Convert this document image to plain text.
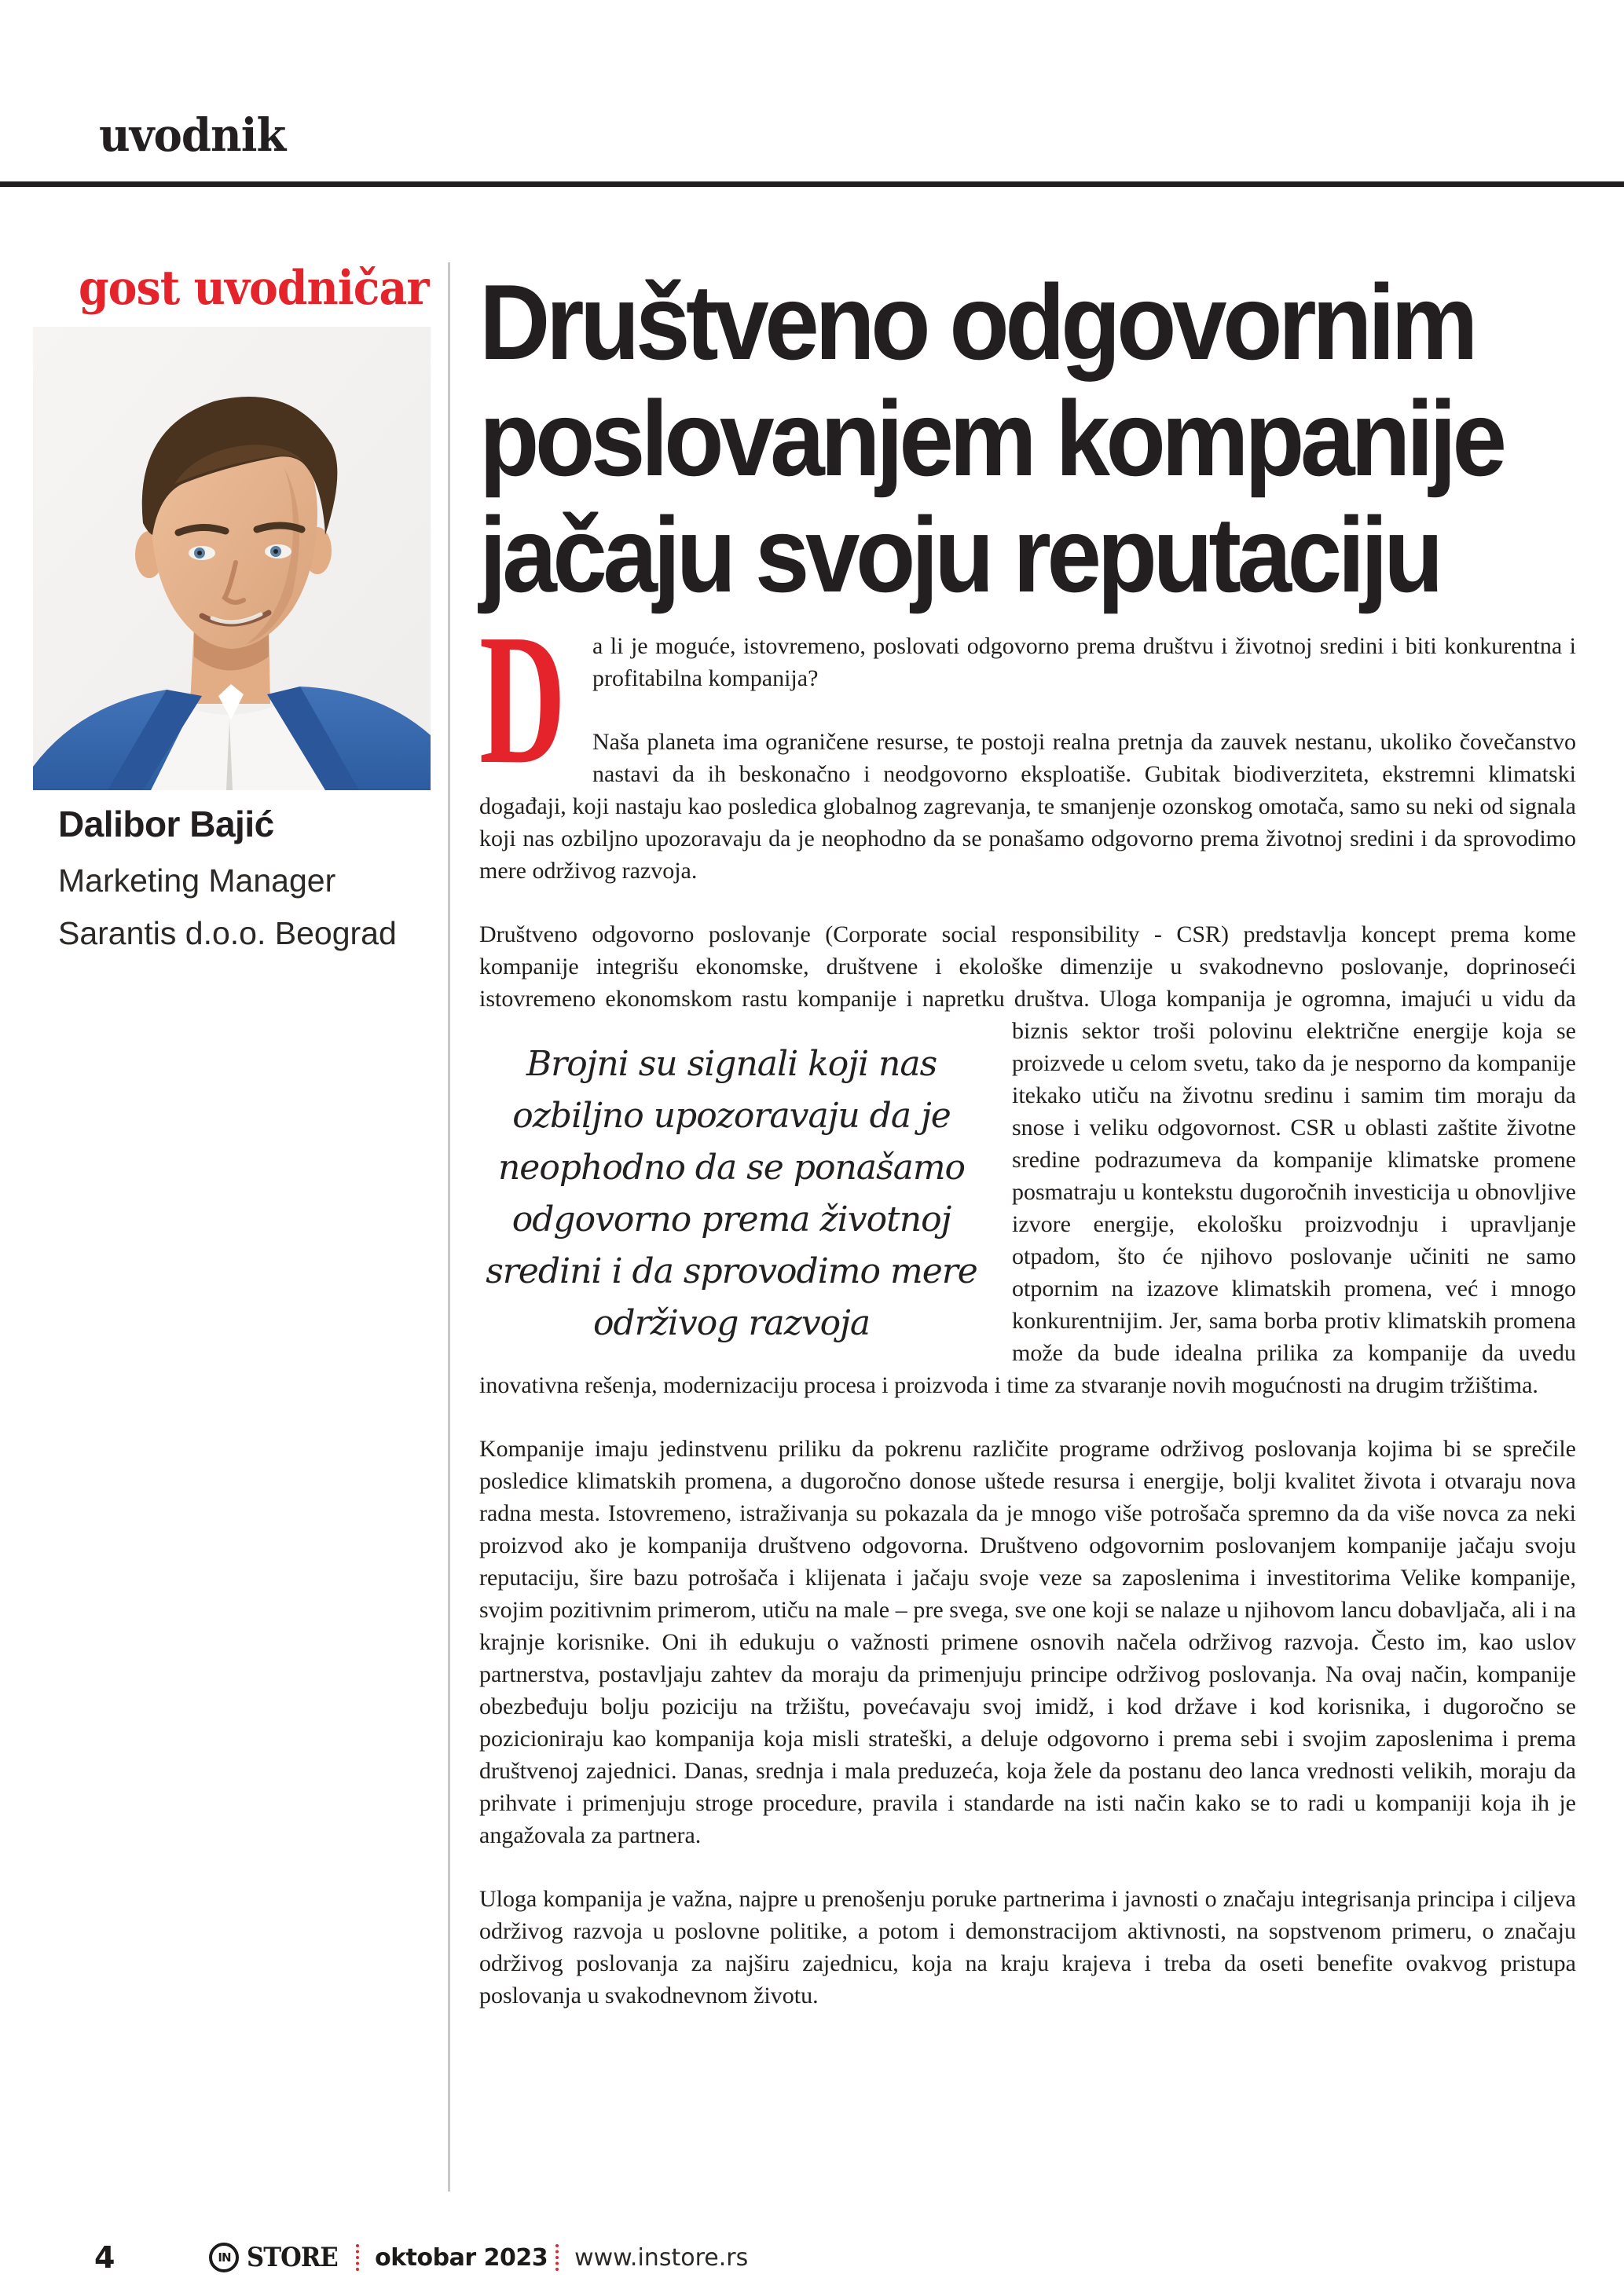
uvodnik
gost uvodničar
Dalibor Bajić
Marketing Manager
Sarantis d.o.o. Beograd
Društveno odgovornim
poslovanjem kompanije
jačaju svoju reputaciju

D a li je moguće, istovremeno, poslovati odgovorno prema društvu i životnoj sredini i biti konkurentna i profitabilna kompanija?

Naša planeta ima ograničene resurse, te postoji realna pretnja da zauvek nestanu, ukoliko čovečanstvo nastavi da ih beskonačno i neodgovorno eksploatiše. Gubitak biodiverziteta, ekstremni klimatski događaji, koji nastaju kao posledica globalnog zagrevanja, te smanjenje ozonskog omotača, samo su neki od signala koji nas ozbiljno upozoravaju da je neophodno da se ponašamo odgovorno prema životnoj sredini i da sprovodimo mere održivog razvoja.

Društveno odgovorno poslovanje (Corporate social responsibility - CSR) predstavlja koncept prema kome kompanije integrišu ekonomske, društvene i ekološke dimenzije u svakodnevno poslovanje, doprinoseći istovremeno ekonomskom rastu kompanije i napretku društva. Uloga kompanija je ogromna, imajući u vidu da biznis sektor troši
Brojni su signali koji nas ozbiljno upozoravaju da je neophodno da se ponašamo odgovorno prema životnoj sredini i da sprovodimo mere održivog razvoja
polovinu električne energije koja se proizvede u celom svetu, tako da je nesporno da kompanije itekako utiču na životnu sredinu i samim tim moraju da snose i veliku odgovornost. CSR u oblasti zaštite životne sredine podrazumeva da kompanije klimatske promene posmatraju u kontekstu dugoročnih investicija u obnovljive izvore energije, ekološku proizvodnju i upravljanje otpadom, što će njihovo poslovanje učiniti ne samo otpornim na izazove klimatskih promena, već i mnogo konkurentnijim. Jer, sama borba protiv klimatskih promena može da bude idealna prilika za kompanije da uvedu inovativna rešenja, modernizaciju procesa i proizvoda i time za stvaranje novih mogućnosti na drugim tržištima.

Kompanije imaju jedinstvenu priliku da pokrenu različite programe održivog poslovanja kojima bi se sprečile posledice klimatskih promena, a dugoročno donose uštede resursa i energije, bolji kvalitet života i otvaraju nova radna mesta. Istovremeno, istraživanja su pokazala da je mnogo više potrošača spremno da da više novca za neki proizvod ako je kompanija društveno odgovorna. Društveno odgovornim poslovanjem kompanije jačaju svoju reputaciju, šire bazu potrošača i klijenata i jačaju svoje veze sa zaposlenima i investitorima Velike kompanije, svojim pozitivnim primerom, utiču na male – pre svega, sve one koji se nalaze u njihovom lancu dobavljača, ali i na krajnje korisnike. Oni ih edukuju o važnosti primene osnovih načela održivog razvoja. Često im, kao uslov partnerstva, postavljaju zahtev da moraju da primenjuju principe održivog poslovanja. Na ovaj način, kompanije obezbeđuju bolju poziciju na tržištu, povećavaju svoj imidž, i kod države i kod korisnika, i dugoročno se pozicioniraju kao kompanija koja misli strateški, a deluje odgovorno i prema sebi i svojim zaposlenima i prema društvenoj zajednici. Danas, srednja i mala preduzeća, koja žele da postanu deo lanca vrednosti velikih, moraju da prihvate i primenjuju stroge procedure, pravila i standarde na isti način kako se to radi u kompaniji koja ih je angažovala za partnera.

Uloga kompanija je važna, najpre u prenošenju poruke partnerima i javnosti o značaju integrisanja principa i ciljeva održivog razvoja u poslovne politike, a potom i demonstracijom aktivnosti, na sopstvenom primeru, o značaju održivog poslovanja za najširu zajednicu, koja na kraju krajeva i treba da oseti benefite ovakvog pristupa poslovanja u svakodnevnom životu.

4	IN STORE oktobar 2023 www.instore.rs
